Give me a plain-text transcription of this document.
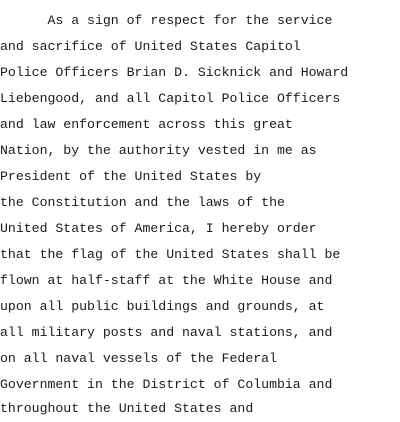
As a sign of respect for the service
and sacrifice of United States Capitol
Police Officers Brian D. Sicknick and Howard
Liebengood, and all Capitol Police Officers
and law enforcement across this great
Nation, by the authority vested in me as
President of the United States by
the Constitution and the laws of the
United States of America, I hereby order
that the flag of the United States shall be
flown at half-staff at the White House and
upon all public buildings and grounds, at
all military posts and naval stations, and
on all naval vessels of the Federal
Government in the District of Columbia and
throughout the United States and
